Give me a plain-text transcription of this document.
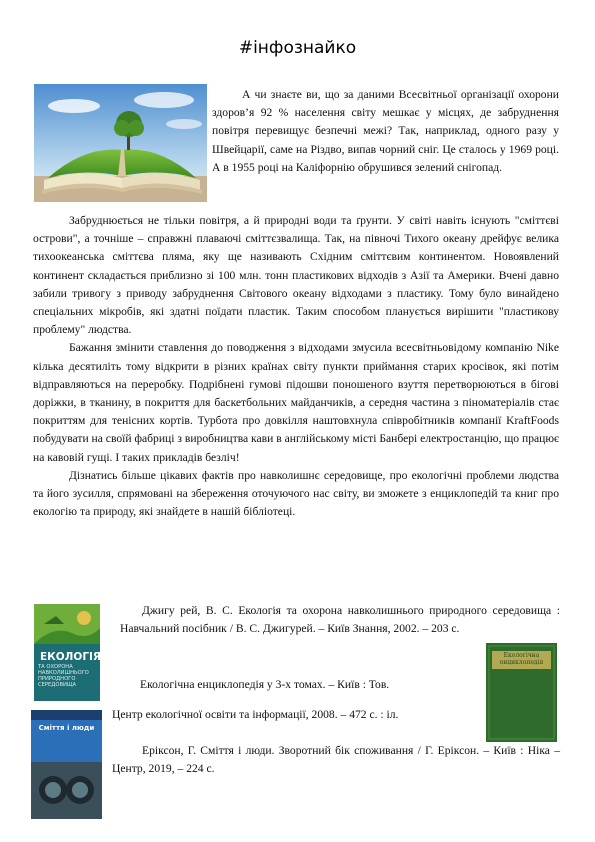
#інфознайко

А чи знаєте ви, що за даними Всесвітньої організації охорони здоров’я 92 % населення світу мешкає у місцях, де забруднення повітря перевищує безпечні межі? Так, наприклад, одного разу у Швейцарії, саме на Різдво, випав чорний сніг. Це сталось у 1969 році. А в 1955 році на Каліфорнію обрушився зелений снігопад.

Забруднюється не тільки повітря, а й природні води та ґрунти. У світі навіть існують "сміттєві острови", а точніше – справжні плаваючі сміттєзвалища. Так, на півночі Тихого океану дрейфує велика тихоокеанська сміттєва пляма, яку ще називають Східним сміттєвим континентом. Новоявлений континент складається приблизно зі 100 млн. тонн пластикових відходів з Азії та Америки. Вчені давно забили тривогу з приводу забруднення Світового океану відходами з пластику. Тому було винайдено спеціальних мікробів, які здатні поїдати пластик. Таким способом планується вирішити "пластикову проблему" людства.

Бажання змінити ставлення до поводження з відходами змусила всесвітньовідому компанію Nike кілька десятиліть тому відкрити в різних країнах світу пункти приймання старих кросівок, які потім відправляються на переробку. Подрібнені гумові підошви поношеного взуття перетворюються в бігові доріжки, в тканину, в покриття для баскетбольних майданчиків, а середня частина з піноматеріалів стає покриттям для тенісних кортів. Турбота про довкілля наштовхнула співробітників компанії KraftFoods побудувати на своїй фабриці з виробництва кави в англійському місті Банбері електростанцію, що працює на кавовій гущі. І таких прикладів безліч!

Дізнатись більше цікавих фактів про навколишнє середовище, про екологічні проблеми людства та його зусилля, спрямовані на збереження оточуючого нас світу, ви зможете з енциклопедій та книг про екологію та природу, які знайдете в нашій бібліотеці.

ЕКОЛОГІЯ
ТА ОХОРОНА НАВКОЛИШНЬОГО ПРИРОДНОГО СЕРЕДОВИЩА
Джигу рей, В. С. Екологія та охорона навколишнього природного середовища : Навчальний посібник / В. С. Джигурей. – Київ Знання, 2002. – 203 с.
Екологічна енциклопедія
Екологічна енциклопедія у 3-х томах. – Київ : Тов.
Центр екологічної освіти та інформації, 2008. – 472 с. : іл.
Сміття і люди
Еріксон, Г. Сміття і люди. Зворотний бік споживання / Г. Еріксон. – Київ : Ніка – Центр, 2019, – 224 с.
